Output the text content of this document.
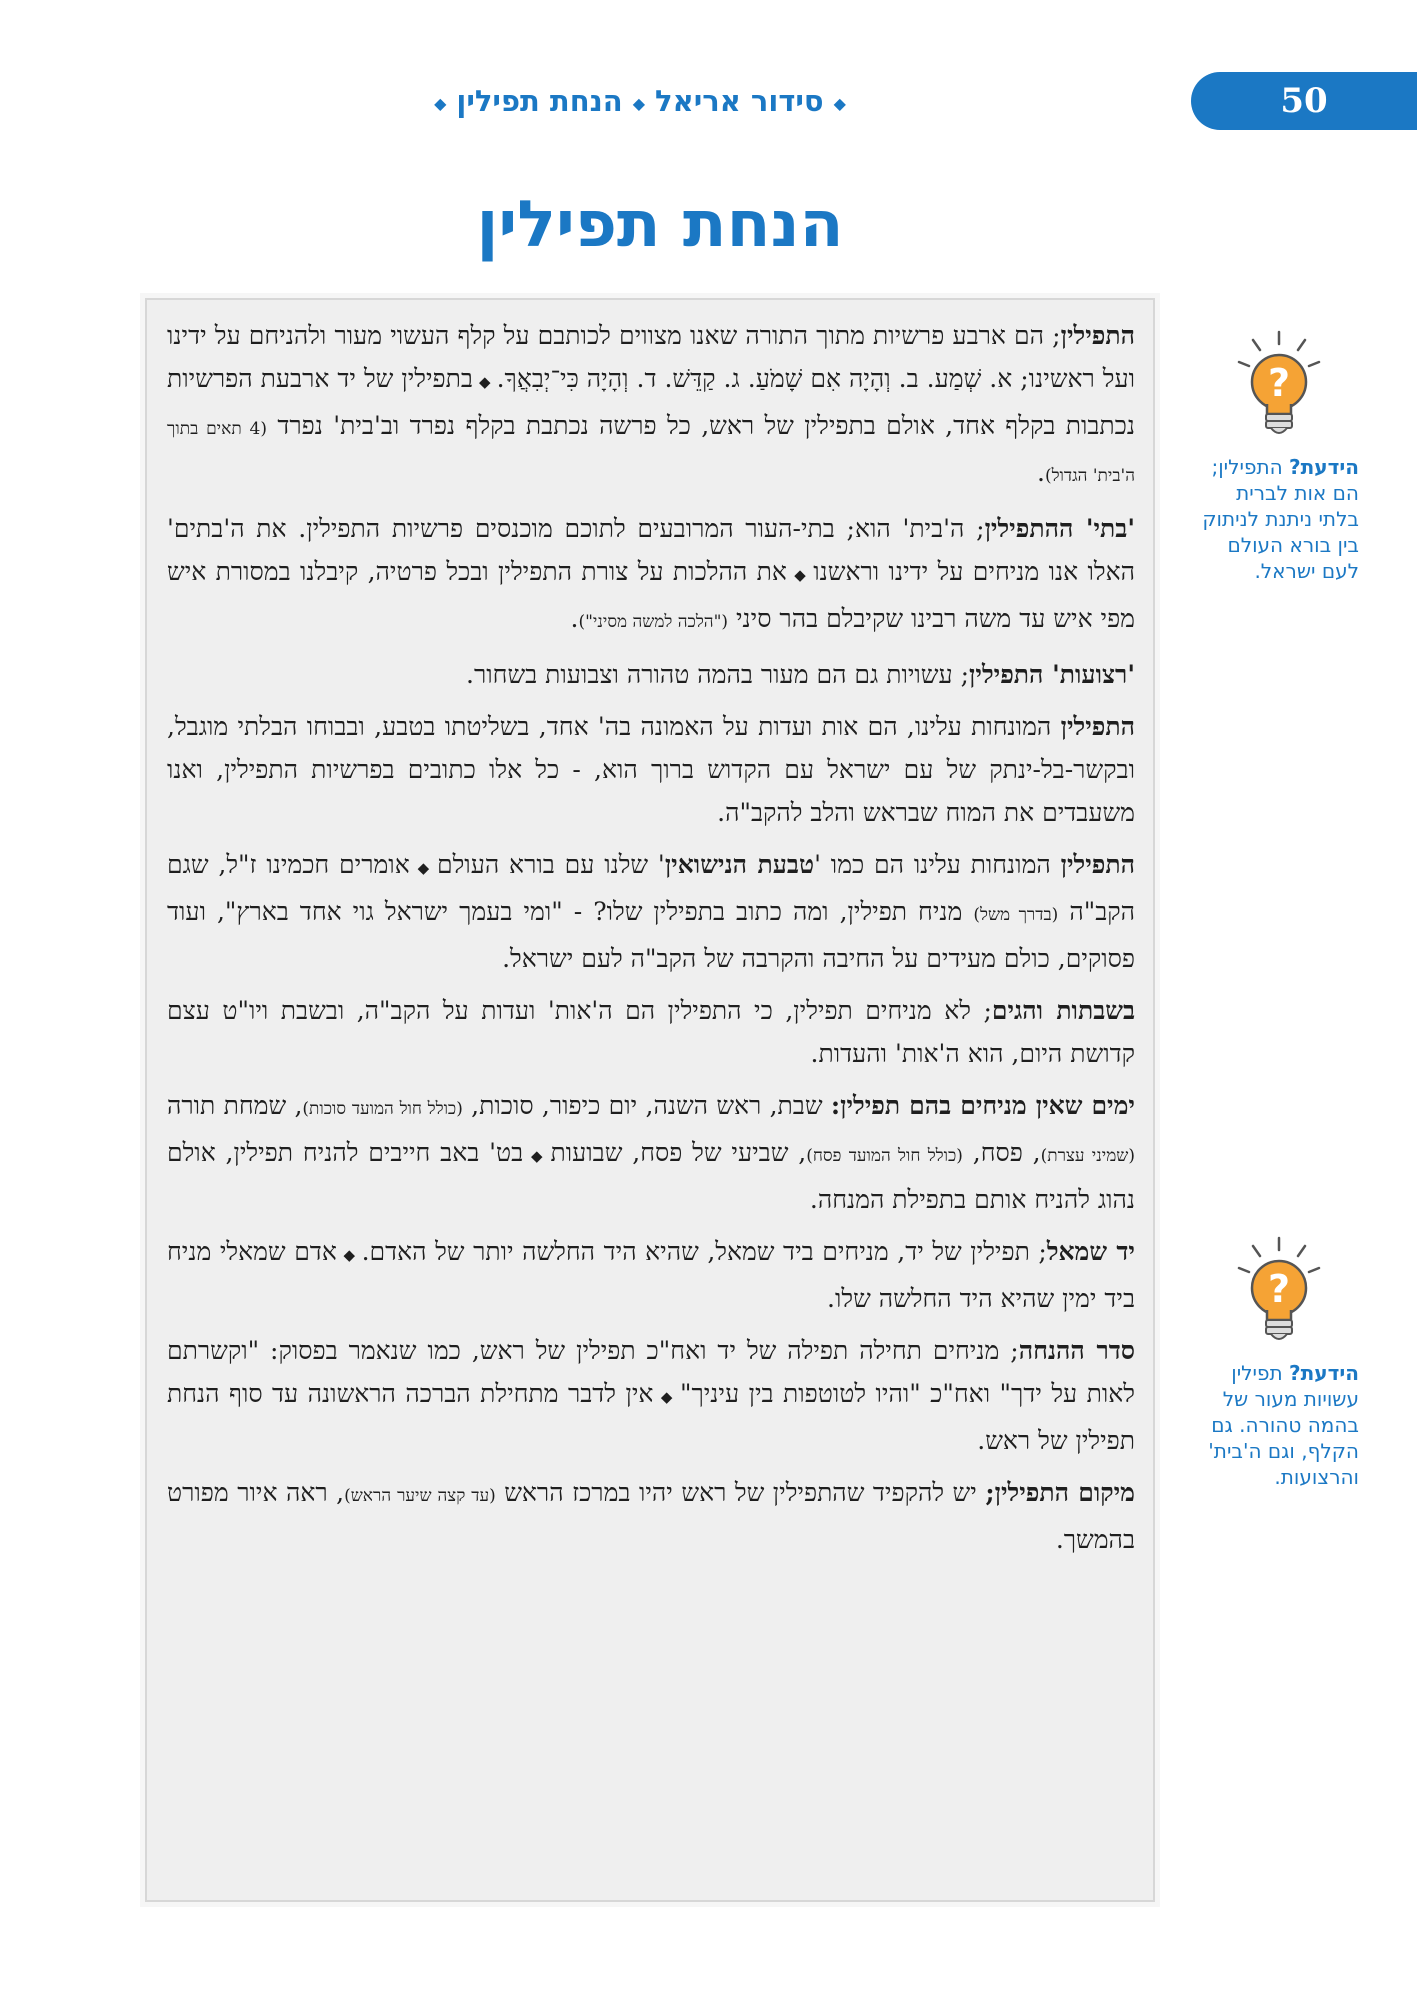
◆סידור אריאל◆הנחת תפילין◆	50
הנחת תפילין
?
הידעת? התפילין; הם אות לברית בלתי ניתנת לניתוק בין בורא העולם לעם ישראל.
?
הידעת? תפילין עשויות מעור של בהמה טהורה. גם הקלף, וגם ה'בית' והרצועות.

התפילין; הם ארבע פרשיות מתוך התורה שאנו מצווים לכותבם על קלף העשוי מעור ולהניחם על ידינו ועל ראשינו; א. שְׁמַע. ב. וְהָיָה אִם שָׁמֹעַ. ג. קַדֵּשׁ. ד. וְהָיָה כִּי־יְבִאֲךָ.◆בתפילין של יד ארבעת הפרשיות נכתבות בקלף אחד, אולם בתפילין של ראש, כל פרשה נכתבת בקלף נפרד וב'בית' נפרד (4 תאים בתוך ה'בית' הגדול).

'בתי' ההתפילין; ה'בית' הוא; בתי-העור המרובעים לתוכם מוכנסים פרשיות התפילין. את ה'בתים' האלו אנו מניחים על ידינו וראשנו◆את ההלכות על צורת התפילין ובכל פרטיה, קיבלנו במסורת איש מפי איש עד משה רבינו שקיבלם בהר סיני ("הלכה למשה מסיני").

'רצועות' התפילין; עשויות גם הם מעור בהמה טהורה וצבועות בשחור.

התפילין המונחות עלינו, הם אות ועדות על האמונה בה' אחד, בשליטתו בטבע, ובבוחו הבלתי מוגבל, ובקשר-בל-ינתק של עם ישראל עם הקדוש ברוך הוא, - כל אלו כתובים בפרשיות התפילין, ואנו משעבדים את המוח שבראש והלב להקב"ה.

התפילין המונחות עלינו הם כמו 'טבעת הנישואין' שלנו עם בורא העולם◆אומרים חכמינו ז"ל, שגם הקב"ה (בדרך משל) מניח תפילין, ומה כתוב בתפילין שלו? - "ומי בעמך ישראל גוי אחד בארץ", ועוד פסוקים, כולם מעידים על החיבה והקרבה של הקב"ה לעם ישראל.

בשבתות והגים; לא מניחים תפילין, כי התפילין הם ה'אות' ועדות על הקב"ה, ובשבת ויו"ט עצם קדושת היום, הוא ה'אות' והעדות.

ימים שאין מניחים בהם תפילין: שבת, ראש השנה, יום כיפור, סוכות, (כולל חול המועד סוכות), שמחת תורה (שמיני עצרת), פסח, (כולל חול המועד פסח), שביעי של פסח, שבועות◆בט' באב חייבים להניח תפילין, אולם נהוג להניח אותם בתפילת המנחה.

יד שמאל; תפילין של יד, מניחים ביד שמאל, שהיא היד החלשה יותר של האדם.◆אדם שמאלי מניח ביד ימין שהיא היד החלשה שלו.

סדר ההנחה; מניחים תחילה תפילה של יד ואח"כ תפילין של ראש, כמו שנאמר בפסוק: "וקשרתם לאות על ידך" ואח"כ "והיו לטוטפות בין עיניך"◆אין לדבר מתחילת הברכה הראשונה עד סוף הנחת תפילין של ראש.

מיקום התפילין; יש להקפיד שהתפילין של ראש יהיו במרכז הראש (עד קצה שיער הראש), ראה איור מפורט בהמשך.
